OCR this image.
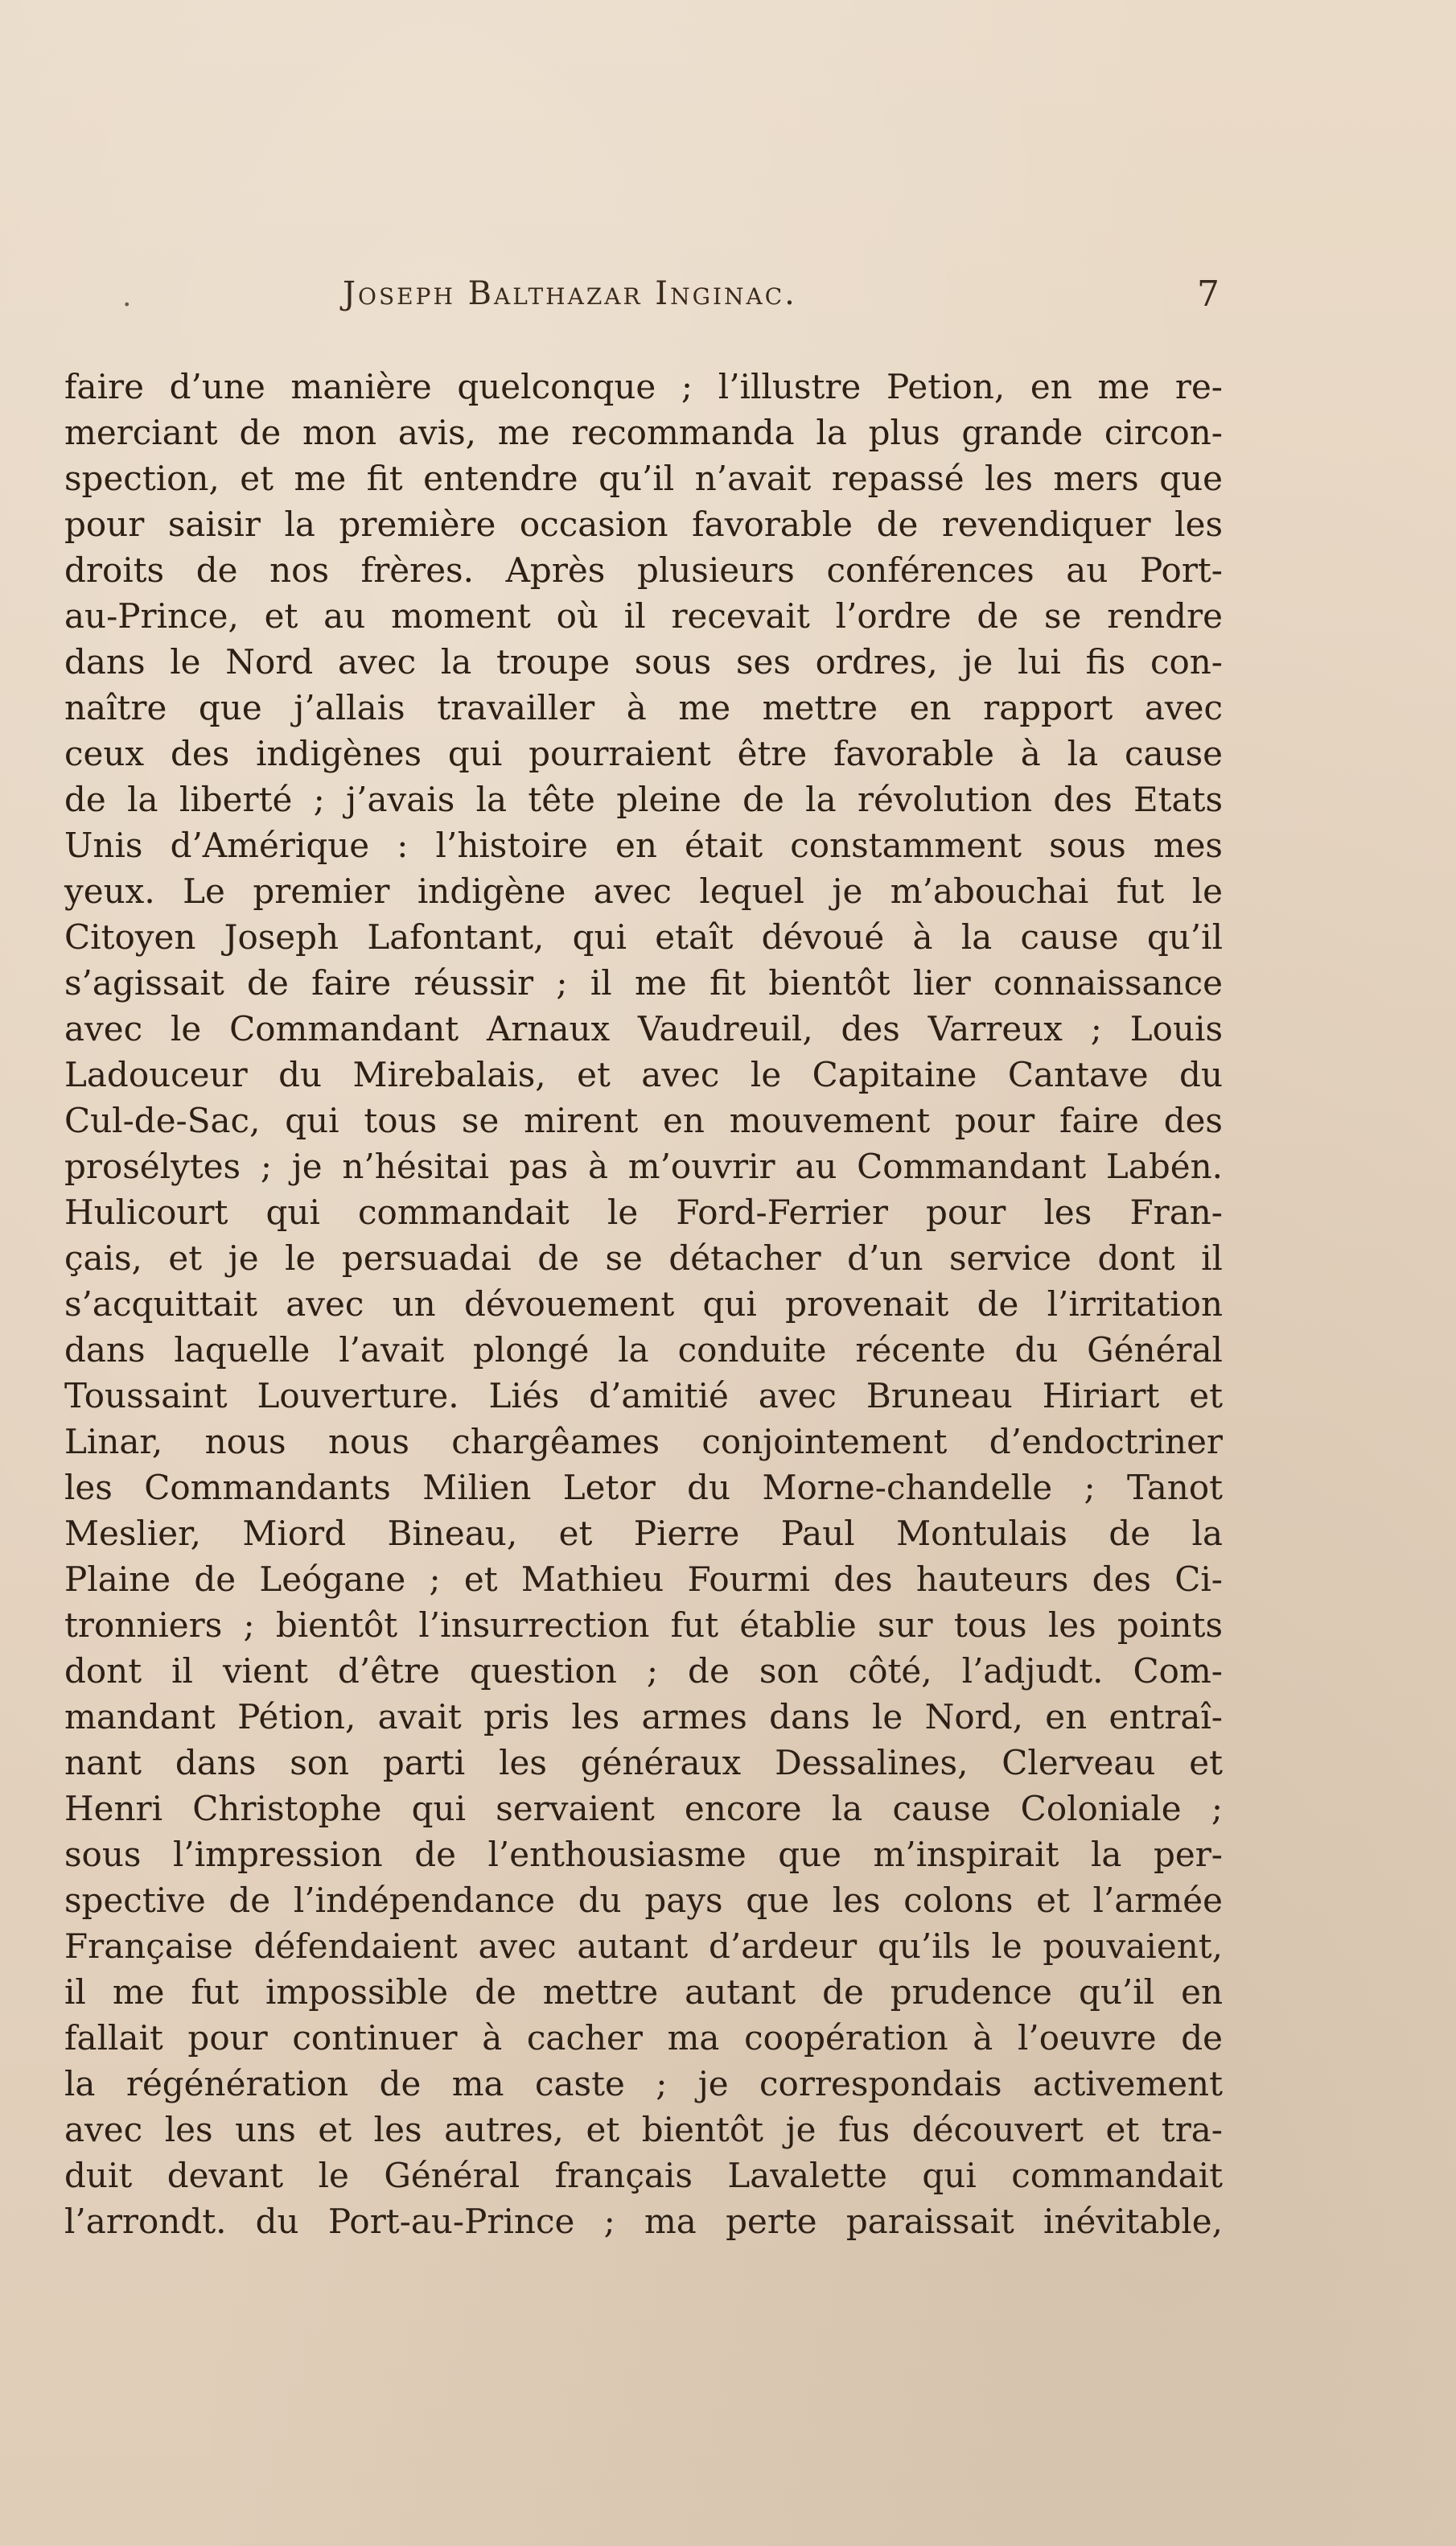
.	Joseph Balthazar Inginac.	7
faire d’une manière quelconque ; l’illustre Petion, en me re-
merciant de mon avis, me recommanda la plus grande circon-
spection, et me fit entendre qu’il n’avait repassé les mers que
pour saisir la première occasion favorable de revendiquer les
droits de nos frères. Après plusieurs conférences au Port-
au-Prince, et au moment où il recevait l’ordre de se rendre
dans le Nord avec la troupe sous ses ordres, je lui fis con-
naître que j’allais travailler à me mettre en rapport avec
ceux des indigènes qui pourraient être favorable à la cause
de la liberté ; j’avais la tête pleine de la révolution des Etats
Unis d’Amérique : l’histoire en était constamment sous mes
yeux. Le premier indigène avec lequel je m’abouchai fut le
Citoyen Joseph Lafontant, qui etaît dévoué à la cause qu’il
s’agissait de faire réussir ; il me fit bientôt lier connaissance
avec le Commandant Arnaux Vaudreuil, des Varreux ; Louis
Ladouceur du Mirebalais, et avec le Capitaine Cantave du
Cul-de-Sac, qui tous se mirent en mouvement pour faire des
prosélytes ; je n’hésitai pas à m’ouvrir au Commandant Labén.
Hulicourt qui commandait le Ford-Ferrier pour les Fran-
çais, et je le persuadai de se détacher d’un service dont il
s’acquittait avec un dévouement qui provenait de l’irritation
dans laquelle l’avait plongé la conduite récente du Général
Toussaint Louverture. Liés d’amitié avec Bruneau Hiriart et
Linar, nous nous chargêames conjointement d’endoctriner
les Commandants Milien Letor du Morne-chandelle ; Tanot
Meslier, Miord Bineau, et Pierre Paul Montulais de la
Plaine de Leógane ; et Mathieu Fourmi des hauteurs des Ci-
tronniers ; bientôt l’insurrection fut établie sur tous les points
dont il vient d’être question ; de son côté, l’adjudt. Com-
mandant Pétion, avait pris les armes dans le Nord, en entraî-
nant dans son parti les généraux Dessalines, Clerveau et
Henri Christophe qui servaient encore la cause Coloniale ;
sous l’impression de l’enthousiasme que m’inspirait la per-
spective de l’indépendance du pays que les colons et l’armée
Française défendaient avec autant d’ardeur qu’ils le pouvaient,
il me fut impossible de mettre autant de prudence qu’il en
fallait pour continuer à cacher ma coopération à l’oeuvre de
la régénération de ma caste ; je correspondais activement
avec les uns et les autres, et bientôt je fus découvert et tra-
duit devant le Général français Lavalette qui commandait
l’arrondt. du Port-au-Prince ; ma perte paraissait inévitable,
